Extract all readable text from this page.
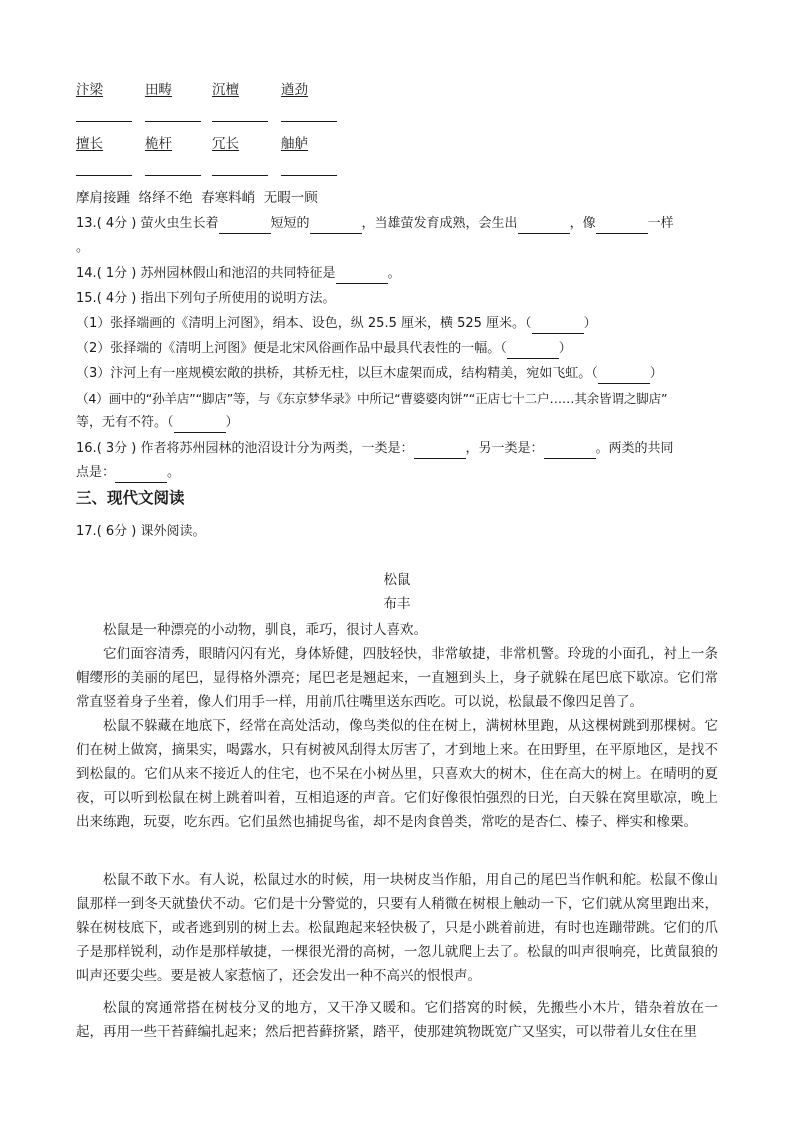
汴梁	田畴	沉檀	遒劲
擅长	桅杆	冗长	舳舻
摩肩接踵  络绎不绝  春寒料峭  无暇一顾
13.( 4分 ) 萤火虫生长着	短短的	，当雄萤发育成熟，会生出	，像	一样
。
14.( 1分 ) 苏州园林假山和池沼的共同特征是	。
15.( 4分 ) 指出下列句子所使用的说明方法。
（1）张择端画的《清明上河图》，绢本、设色，纵 25.5 厘米，横 525 厘米。（	）
（2）张择端的《清明上河图》便是北宋风俗画作品中最具代表性的一幅。（	）
（3）汴河上有一座规模宏敞的拱桥，其桥无柱，以巨木虚架而成，结构精美，宛如飞虹。（	）
（4）画中的“孙羊店”“脚店”等，与《东京梦华录》中所记“曹婆婆肉饼”“正店七十二户……其余皆谓之脚店”
等，无有不符。（	）
16.( 3分 ) 作者将苏州园林的池沼设计分为两类，一类是：	，另一类是：	。两类的共同
点是：	。
三、现代文阅读
17.( 6分 ) 课外阅读。
松鼠
布丰
松鼠是一种漂亮的小动物，驯良，乖巧，很讨人喜欢。
它们面容清秀，眼睛闪闪有光，身体矫健，四肢轻快，非常敏捷，非常机警。玲珑的小面孔，衬上一条帽缨形的美丽的尾巴，显得格外漂亮；尾巴老是翘起来，一直翘到头上，身子就躲在尾巴底下歇凉。它们常常直竖着身子坐着，像人们用手一样，用前爪往嘴里送东西吃。可以说，松鼠最不像四足兽了。
松鼠不躲藏在地底下，经常在高处活动，像鸟类似的住在树上，满树林里跑，从这棵树跳到那棵树。它们在树上做窝，摘果实，喝露水，只有树被风刮得太厉害了，才到地上来。在田野里，在平原地区，是找不到松鼠的。它们从来不接近人的住宅，也不呆在小树丛里，只喜欢大的树木，住在高大的树上。在晴明的夏夜，可以听到松鼠在树上跳着叫着，互相追逐的声音。它们好像很怕强烈的日光，白天躲在窝里歇凉，晚上出来练跑，玩耍，吃东西。它们虽然也捕捉鸟雀，却不是肉食兽类，常吃的是杏仁、榛子、榉实和橡栗。
松鼠不敢下水。有人说，松鼠过水的时候，用一块树皮当作船，用自己的尾巴当作帆和舵。松鼠不像山鼠那样一到冬天就蛰伏不动。它们是十分警觉的，只要有人稍微在树根上触动一下，它们就从窝里跑出来，躲在树枝底下，或者逃到别的树上去。松鼠跑起来轻快极了，只是小跳着前进，有时也连蹦带跳。它们的爪子是那样锐利，动作是那样敏捷，一棵很光滑的高树，一忽儿就爬上去了。松鼠的叫声很响亮，比黄鼠狼的叫声还要尖些。要是被人家惹恼了，还会发出一种不高兴的恨恨声。
松鼠的窝通常搭在树枝分叉的地方，又干净又暖和。它们搭窝的时候，先搬些小木片，错杂着放在一起，再用一些干苔藓编扎起来；然后把苔藓挤紧，踏平，使那建筑物既宽广又坚实，可以带着儿女住在里
